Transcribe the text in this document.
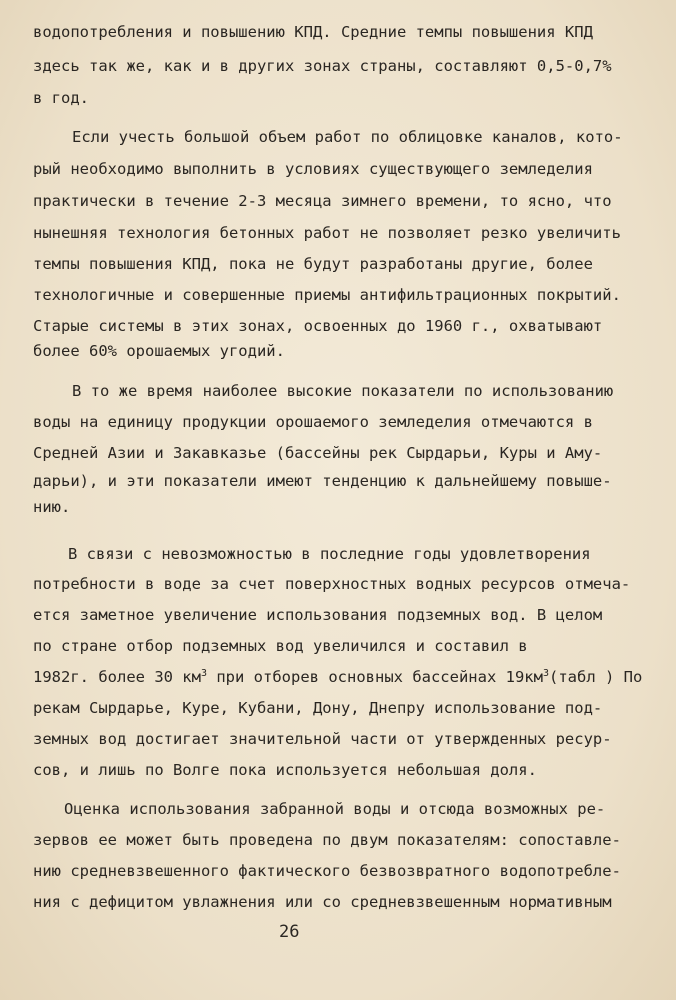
водопотребления и повышению КПД. Средние темпы повышения КПД
здесь так же, как и в других зонах страны, составляют 0,5-0,7%
в год.
Если учесть большой объем работ по облицовке каналов, кото-
рый необходимо выполнить в условиях существующего земледелия
практически в течение 2-3 месяца зимнего времени, то ясно, что
нынешняя технология бетонных работ не позволяет резко увеличить
темпы повышения КПД, пока не будут разработаны другие, более
технологичные и совершенные приемы антифильтрационных покрытий.
Старые системы в этих зонах, освоенных до 1960 г., охватывают
более 60% орошаемых угодий.
В то же время наиболее высокие показатели по использованию
воды на единицу продукции орошаемого земледелия отмечаются в
Средней Азии и Закавказье (бассейны рек Сырдарьи, Куры и Аму-
дарьи), и эти показатели имеют тенденцию к дальнейшему повыше-
нию.
В связи с невозможностью в последние годы удовлетворения
потребности в воде за счет поверхностных водных ресурсов отмеча-
ется заметное увеличение использования подземных вод. В целом
по стране отбор подземных вод увеличился и составил в
1982г. более 30 $км^3$ при отборев основных бассейнах $19км^3(табл$ ) По
рекам Сырдарье, Куре, Кубани, Дону, Днепру использование под-
земных вод достигает значительной части от утвержденных ресур-
сов, и лишь по Волге пока используется небольшая доля.
Оценка использования забранной воды и отсюда возможных ре-
зервов ее может быть проведена по двум показателям: сопоставле-
нию средневзвешенного фактического безвозвратного водопотребле-
ния с дефицитом увлажнения или со средневзвешенным нормативным
26
